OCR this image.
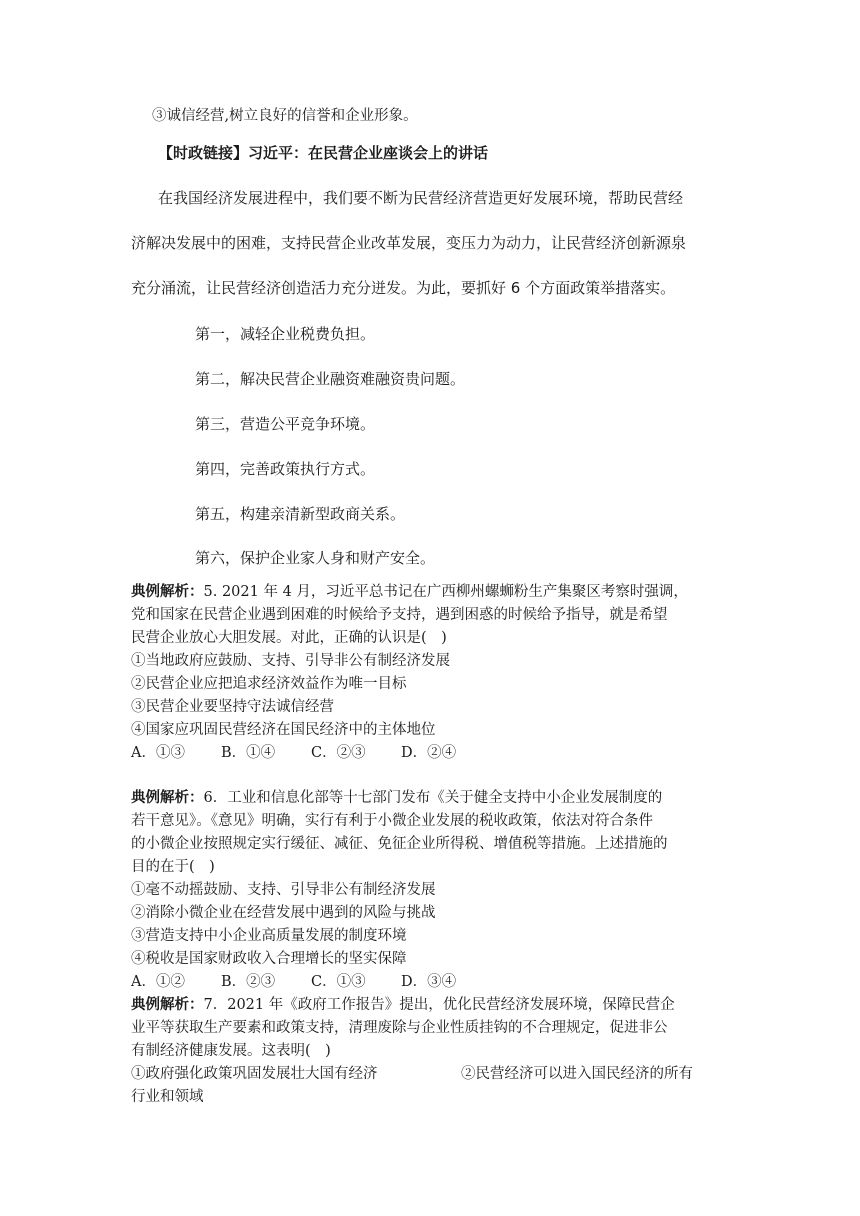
③诚信经营,树立良好的信誉和企业形象。
【时政链接】习近平：在民营企业座谈会上的讲话
在我国经济发展进程中，我们要不断为民营经济营造更好发展环境，帮助民营经
济解决发展中的困难，支持民营企业改革发展，变压力为动力，让民营经济创新源泉
充分涌流，让民营经济创造活力充分迸发。为此，要抓好 6 个方面政策举措落实。
第一，减轻企业税费负担。
第二，解决民营企业融资难融资贵问题。
第三，营造公平竞争环境。
第四，完善政策执行方式。
第五，构建亲清新型政商关系。
第六，保护企业家人身和财产安全。
典例解析：5. 2021 年 4 月，习近平总书记在广西柳州螺蛳粉生产集聚区考察时强调，
党和国家在民营企业遇到困难的时候给予支持，遇到困惑的时候给予指导，就是希望
民营企业放心大胆发展。对此，正确的认识是(　)
①当地政府应鼓励、支持、引导非公有制经济发展
②民营企业应把追求经济效益作为唯一目标
③民营企业要坚持守法诚信经营
④国家应巩固民营经济在国民经济中的主体地位
A．①③ B．①④ C．②③ D．②④
典例解析：6．工业和信息化部等十七部门发布《关于健全支持中小企业发展制度的
若干意见》。《意见》明确，实行有利于小微企业发展的税收政策，依法对符合条件
的小微企业按照规定实行缓征、减征、免征企业所得税、增值税等措施。上述措施的
目的在于(　)
①毫不动摇鼓励、支持、引导非公有制经济发展
②消除小微企业在经营发展中遇到的风险与挑战
③营造支持中小企业高质量发展的制度环境
④税收是国家财政收入合理增长的坚实保障
A．①② B．②③ C．①③ D．③④
典例解析：7．2021 年《政府工作报告》提出，优化民营经济发展环境，保障民营企
业平等获取生产要素和政策支持，清理废除与企业性质挂钩的不合理规定，促进非公
有制经济健康发展。这表明(　)
①政府强化政策巩固发展壮大国有经济	②民营经济可以进入国民经济的所有
行业和领域
